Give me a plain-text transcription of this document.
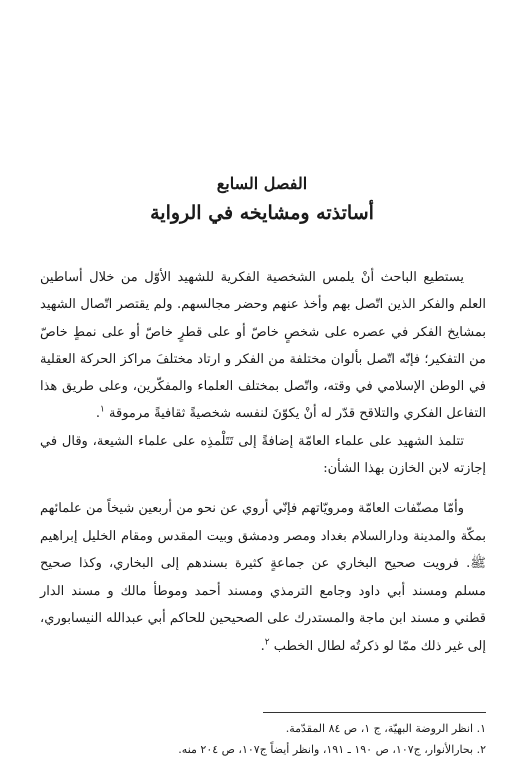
الفصل السابع
أساتذته ومشايخه في الرواية

يستطيع الباحث أنْ يلمس الشخصية الفكرية للشهيد الأوّل من خلال أساطين العلم والفكر الذين اتّصل بهم وأخذ عنهم وحضر مجالسهم. ولم يقتصر اتّصال الشهيد بمشايخ الفكر في عصره على شخصٍ خاصّ أو على قطرٍ خاصّ أو على نمطٍ خاصّ من التفكير؛ فإنّه اتّصل بألوان مختلفة من الفكر و ارتاد مختلفَ مراكز الحركة العقلية في الوطن الإسلامي في وقته، واتّصل بمختلف العلماء والمفكّرين، وعلى طريق هذا التفاعل الفكري والتلاقح قدّر له أنْ يكوّنَ لنفسه شخصيةً ثقافيةً مرموقة $^١$.

تتلمذ الشهيد على علماء العامّة إضافةً إلى تَتَلْمذِه على علماء الشيعة، وقال في إجازته لابن الخازن بهذا الشأن:

وأمّا مصنّفات العامّة ومرويّاتهم فإنّي أروي عن نحو من أربعين شيخاً من علمائهم بمكّة والمدينة ودارالسلام بغداد ومصر ودمشق وبيت المقدس ومقام الخليل إبراهيم ﷺ. فرويت صحيح البخاري عن جماعةٍ كثيرة بسندهم إلى البخاري، وكذا صحيح مسلم ومسند أبي داود وجامع الترمذي ومسند أحمد وموطأ مالك و مسند الدار قطني و مسند ابن ماجة والمستدرك على الصحيحين للحاكم أبي عبدالله النيسابوري، إلى غير ذلك ممّا لو ذكرتُه لطال الخطب $^٢$.

١. انظر الروضة البهيّة، ج ١، ص ٨٤ المقدّمة.

٢. بحارالأنوار، ج١٠٧، ص ١٩٠ ـ ١٩١، وانظر أيضاً ج١٠٧، ص ٢٠٤ منه.
